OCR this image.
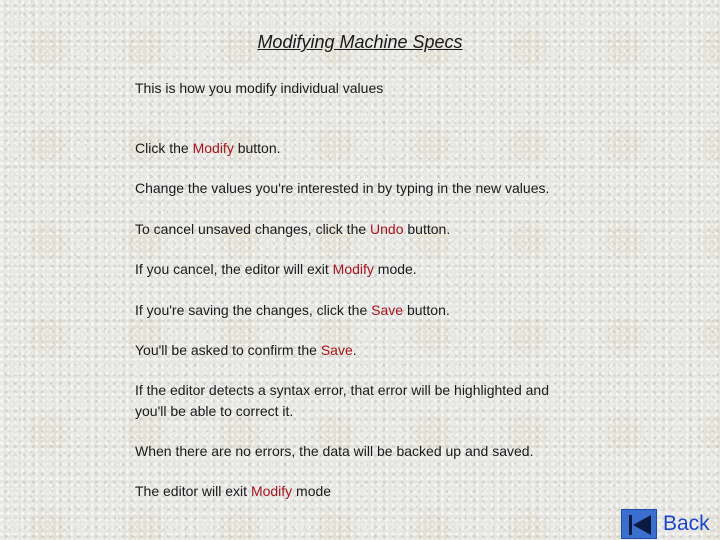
Modifying Machine Specs
This is how you modify individual values
Click the Modify button.
Change the values you're interested in by typing in the new values.
To cancel unsaved changes, click the Undo button.
If you cancel, the editor will exit Modify mode.
If you're saving the changes, click the Save button.
You'll be asked to confirm the Save.
If the editor detects a syntax error, that error will be highlighted and
you'll be able to correct it.
When there are no errors, the data will be backed up and saved.
The editor will exit Modify mode
Back
